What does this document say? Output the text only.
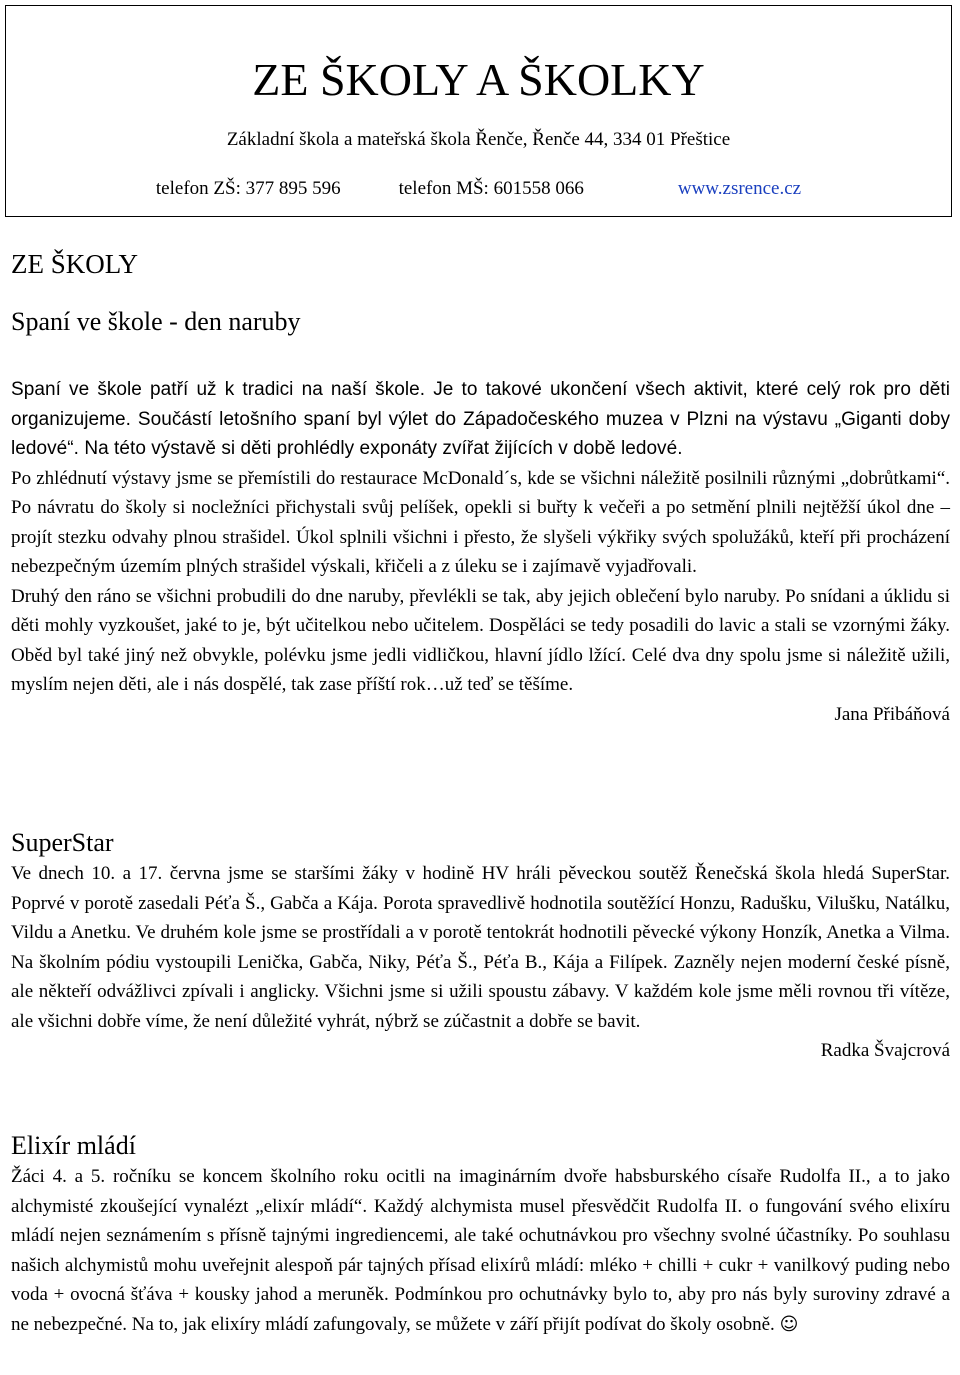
ZE ŠKOLY A ŠKOLKY
Základní škola a mateřská škola Řenče, Řenče 44, 334 01 Přeštice
telefon ZŠ: 377 895 596	telefon MŠ: 601558 066	www.zsrence.cz
ZE ŠKOLY
Spaní ve škole - den naruby

Spaní ve škole patří už k tradici na naší škole. Je to takové ukončení všech aktivit, které celý rok pro děti organizujeme. Součástí letošního spaní byl výlet do Západočeského muzea v Plzni na výstavu „Giganti doby ledové“. Na této výstavě si děti prohlédly exponáty zvířat žijících v době ledové.

Po zhlédnutí výstavy jsme se přemístili do restaurace McDonald´s, kde se všichni náležitě posilnili různými „dobrůtkami“. Po návratu do školy si nocležníci přichystali svůj pelíšek, opekli si buřty k večeři a po setmění plnili nejtěžší úkol dne – projít stezku odvahy plnou strašidel. Úkol splnili všichni i přesto, že slyšeli výkřiky svých spolužáků, kteří při procházení nebezpečným územím plných strašidel výskali, křičeli a z úleku se i zajímavě vyjadřovali.

Druhý den ráno se všichni probudili do dne naruby, převlékli se tak, aby jejich oblečení bylo naruby. Po snídani a úklidu si děti mohly vyzkoušet, jaké to je, být učitelkou nebo učitelem. Dospěláci se tedy posadili do lavic a stali se vzornými žáky. Oběd byl také jiný než obvykle, polévku jsme jedli vidličkou, hlavní jídlo lžící. Celé dva dny spolu jsme si náležitě užili, myslím nejen děti, ale i nás dospělé, tak zase příští rok…už teď se těšíme.

Jana Přibáňová

SuperStar

Ve dnech 10. a 17. června jsme se staršími žáky v hodině HV hráli pěveckou soutěž Řenečská škola hledá SuperStar. Poprvé v porotě zasedali Péťa Š., Gabča a Kája. Porota spravedlivě hodnotila soutěžící Honzu, Radušku, Vilušku, Natálku, Vildu a Anetku. Ve druhém kole jsme se prostřídali a v porotě tentokrát hodnotili pěvecké výkony Honzík, Anetka a Vilma. Na školním pódiu vystoupili Lenička, Gabča, Niky, Péťa Š., Péťa B., Kája a Filípek. Zazněly nejen moderní české písně, ale někteří odvážlivci zpívali i anglicky. Všichni jsme si užili spoustu zábavy. V každém kole jsme měli rovnou tři vítěze, ale všichni dobře víme, že není důležité vyhrát, nýbrž se zúčastnit a dobře se bavit.

Radka Švajcrová

Elixír mládí

Žáci 4. a 5. ročníku se koncem školního roku ocitli na imaginárním dvoře habsburského císaře Rudolfa II., a to jako alchymisté zkoušející vynalézt „elixír mládí“. Každý alchymista musel přesvědčit Rudolfa II. o fungování svého elixíru mládí nejen seznámením s přísně tajnými ingrediencemi, ale také ochutnávkou pro všechny svolné účastníky. Po souhlasu našich alchymistů mohu uveřejnit alespoň pár tajných přísad elixírů mládí: mléko + chilli + cukr + vanilkový puding nebo voda + ovocná šťáva + kousky jahod a meruněk. Podmínkou pro ochutnávky bylo to, aby pro nás byly suroviny zdravé a ne nebezpečné. Na to, jak elixíry mládí zafungovaly, se můžete v září přijít podívat do školy osobně. ☺
